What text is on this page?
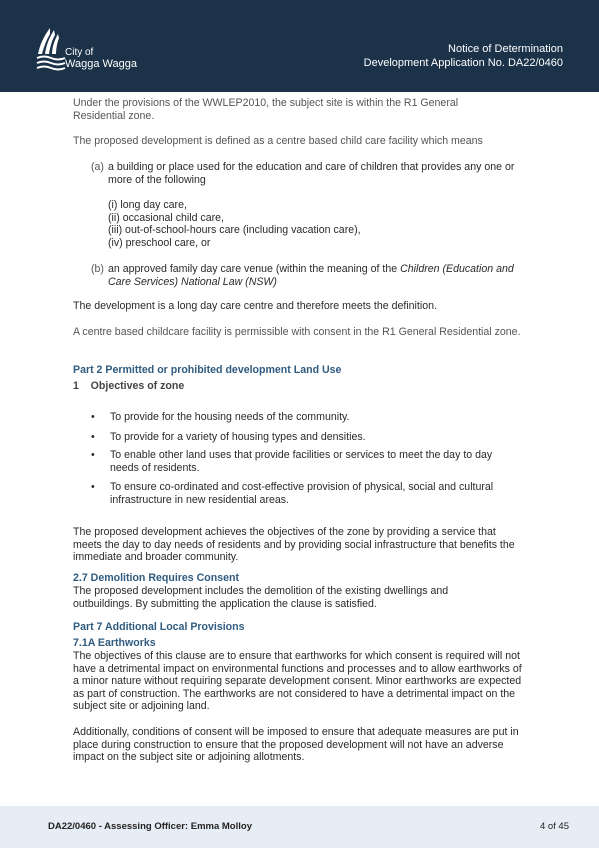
City of
Wagga Wagga
Notice of Determination
Development Application No. DA22/0460

Under the provisions of the WWLEP2010, the subject site is within the R1 General Residential zone.

The proposed development is defined as a centre based child care facility which means

(a) a building or place used for the education and care of children that provides any one or more of the following
(i) long day care,
(ii) occasional child care,
(iii) out-of-school-hours care (including vacation care),
(iv) preschool care, or
(b) an approved family day care venue (within the meaning of the Children (Education and Care Services) National Law (NSW)

The development is a long day care centre and therefore meets the definition.

A centre based childcare facility is permissible with consent in the R1 General Residential zone.

Part 2 Permitted or prohibited development Land Use

1    Objectives of zone

• To provide for the housing needs of the community.
• To provide for a variety of housing types and densities.
• To enable other land uses that provide facilities or services to meet the day to day needs of residents.
• To ensure co-ordinated and cost-effective provision of physical, social and cultural infrastructure in new residential areas.

The proposed development achieves the objectives of the zone by providing a service that meets the day to day needs of residents and by providing social infrastructure that benefits the immediate and broader community.

2.7 Demolition Requires Consent

The proposed development includes the demolition of the existing dwellings and outbuildings. By submitting the application the clause is satisfied.

Part 7 Additional Local Provisions

7.1A Earthworks

The objectives of this clause are to ensure that earthworks for which consent is required will not have a detrimental impact on environmental functions and processes and to allow earthworks of a minor nature without requiring separate development consent. Minor earthworks are expected as part of construction. The earthworks are not considered to have a detrimental impact on the subject site or adjoining land.

Additionally, conditions of consent will be imposed to ensure that adequate measures are put in place during construction to ensure that the proposed development will not have an adverse impact on the subject site or adjoining allotments.

DA22/0460 - Assessing Officer: Emma Molloy	4 of 45
